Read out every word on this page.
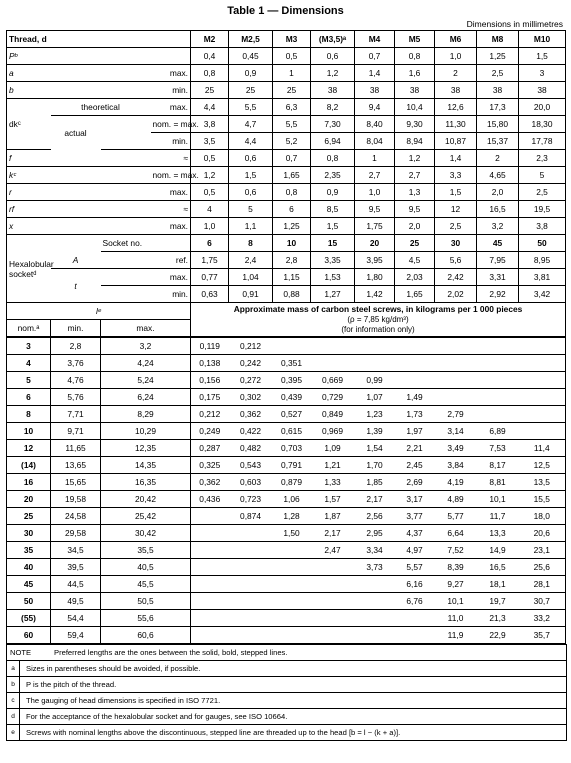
Table 1 — Dimensions
Dimensions in millimetres
Thread, d				M2	M2,5	M3	(M3,5)ᵃ	M4	M5	M6	M8	M10
Pᵇ				0,4	0,45	0,5	0,6	0,7	0,8	1,0	1,25	1,5
a			max.	0,8	0,9	1	1,2	1,4	1,6	2	2,5	3
b			min.	25	25	25	38	38	38	38	38	38
dkᶜ	theoretical		max.	4,4	5,5	6,3	8,2	9,4	10,4	12,6	17,3	20,0
	actual		nom. = max.	3,8	4,7	5,5	7,30	8,40	9,30	11,30	15,80	18,30
			min.	3,5	4,4	5,2	6,94	8,04	8,94	10,87	15,37	17,78
f			≈	0,5	0,6	0,7	0,8	1	1,2	1,4	2	2,3
kᶜ			nom. = max.	1,2	1,5	1,65	2,35	2,7	2,7	3,3	4,65	5
r			max.	0,5	0,6	0,8	0,9	1,0	1,3	1,5	2,0	2,5
rf			≈	4	5	6	8,5	9,5	9,5	12	16,5	19,5
x			max.	1,0	1,1	1,25	1,5	1,75	2,0	2,5	3,2	3,8
Hexalobular socketᵈ		Socket no.		6	8	10	15	20	25	30	45	50
	A		ref.	1,75	2,4	2,8	3,35	3,95	4,5	5,6	7,95	8,95
	t		max.	0,77	1,04	1,15	1,53	1,80	2,03	2,42	3,31	3,81
			min.	0,63	0,91	0,88	1,27	1,42	1,65	2,02	2,92	3,42
lᵉ				Approximate mass of carbon steel screws, in kilograms per 1 000 pieces
(ρ = 7,85 kg/dm³)
(for information only)								

nom.ᵃ	min.	max.										
3	2,8	3,2		0,119	0,212							
4	3,76	4,24		0,138	0,242	0,351						
5	4,76	5,24		0,156	0,272	0,395	0,669	0,99				
6	5,76	6,24		0,175	0,302	0,439	0,729	1,07	1,49			
8	7,71	8,29		0,212	0,362	0,527	0,849	1,23	1,73	2,79		
10	9,71	10,29		0,249	0,422	0,615	0,969	1,39	1,97	3,14	6,89	
12	11,65	12,35		0,287	0,482	0,703	1,09	1,54	2,21	3,49	7,53	11,4
(14)	13,65	14,35		0,325	0,543	0,791	1,21	1,70	2,45	3,84	8,17	12,5
16	15,65	16,35		0,362	0,603	0,879	1,33	1,85	2,69	4,19	8,81	13,5
20	19,58	20,42		0,436	0,723	1,06	1,57	2,17	3,17	4,89	10,1	15,5
25	24,58	25,42			0,874	1,28	1,87	2,56	3,77	5,77	11,7	18,0
30	29,58	30,42				1,50	2,17	2,95	4,37	6,64	13,3	20,6
35	34,5	35,5					2,47	3,34	4,97	7,52	14,9	23,1
40	39,5	40,5						3,73	5,57	8,39	16,5	25,6
45	44,5	45,5							6,16	9,27	18,1	28,1
50	49,5	50,5							6,76	10,1	19,7	30,7
(55)	54,4	55,6								11,0	21,3	33,2
60	59,4	60,6								11,9	22,9	35,7
NOTE	Preferred lengths are the ones between the solid, bold, stepped lines.
a	Sizes in parentheses should be avoided, if possible.
b	P is the pitch of the thread.
c	The gauging of head dimensions is specified in ISO 7721.
d	For the acceptance of the hexalobular socket and for gauges, see ISO 10664.
e	Screws with nominal lengths above the discontinuous, stepped line are threaded up to the head [b = l − (k + a)].
